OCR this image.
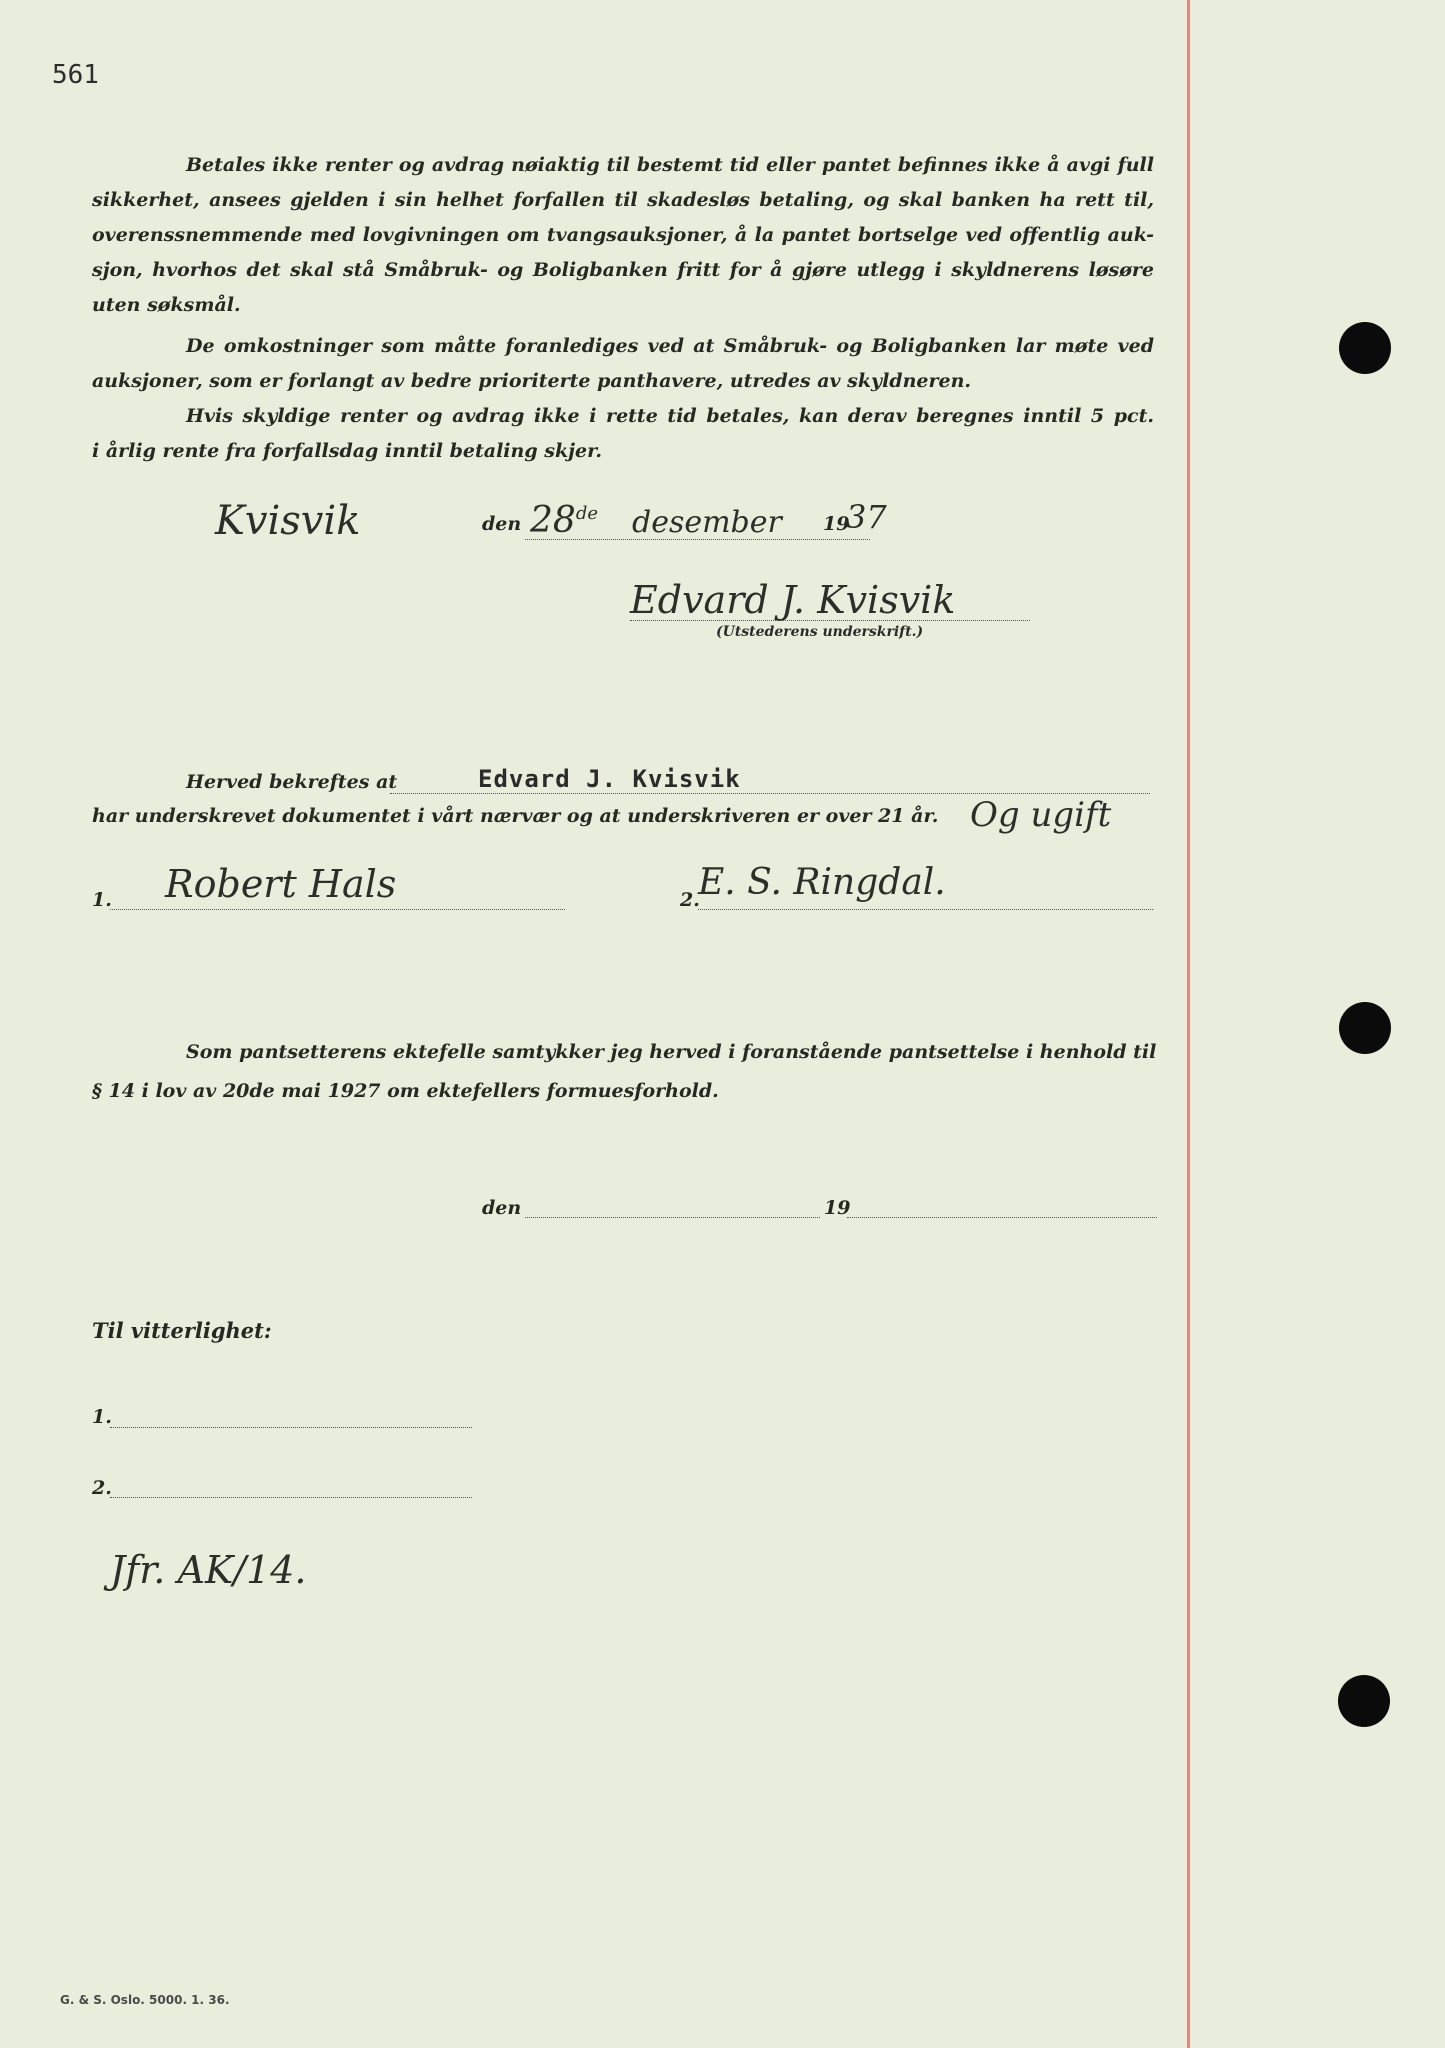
561
Betales ikke renter og avdrag nøiaktig til bestemt tid eller pantet befinnes ikke å avgi full
sikkerhet, ansees gjelden i sin helhet forfallen til skadesløs betaling, og skal banken ha rett til,
overenssnemmende med lovgivningen om tvangsauksjoner, å la pantet bortselge ved offentlig auk-
sjon, hvorhos det skal stå Småbruk- og Boligbanken fritt for å gjøre utlegg i skyldnerens løsøre
uten søksmål.
De omkostninger som måtte foranlediges ved at Småbruk- og Boligbanken lar møte ved
auksjoner, som er forlangt av bedre prioriterte panthavere, utredes av skyldneren.
Hvis skyldige renter og avdrag ikke i rette tid betales, kan derav beregnes inntil 5 pct.
i årlig rente fra forfallsdag inntil betaling skjer.
Kvisvik	den 28de desember 19
37
Edvard J. Kvisvik
(Utstederens underskrift.)
Herved bekreftes at	Edvard J. Kvisvik
har underskrevet dokumentet i vårt nærvær og at underskriveren er over 21 år. Og ugift
1. Robert Hals	2.
E. S. Ringdal.
Som pantsetterens ektefelle samtykker jeg herved i foranstående pantsettelse i henhold til
§ 14 i lov av 20de mai 1927 om ektefellers formuesforhold.
den	19
Til vitterlighet:
1.
2.
Jfr. AK/14.
G. & S. Oslo. 5000. 1. 36.
